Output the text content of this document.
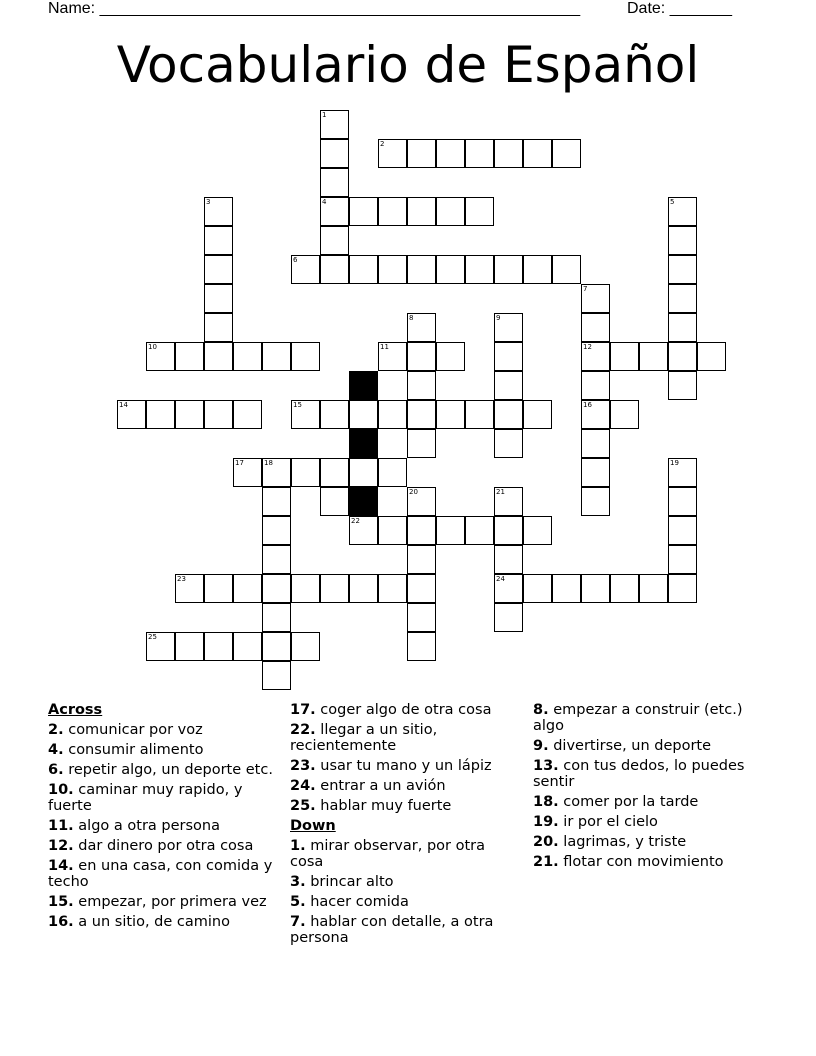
Name: ______________________________________________________	Date: _______
Vocabulario de Español
1
2
3	4	5
6
7
8	9
10	11	12
14	15	16
17	18	19
20	21
22
23	24
25
Across
2. comunicar por voz
4. consumir alimento
6. repetir algo, un deporte etc.
10. caminar muy rapido, y fuerte
11. algo a otra persona
12. dar dinero por otra cosa
14. en una casa, con comida y techo
15. empezar, por primera vez
16. a un sitio, de camino
17. coger algo de otra cosa
22. llegar a un sitio, recientemente
23. usar tu mano y un lápiz
24. entrar a un avión
25. hablar muy fuerte
Down
1. mirar observar, por otra cosa
3. brincar alto
5. hacer comida
7. hablar con detalle, a otra persona
8. empezar a construir (etc.) algo
9. divertirse, un deporte
13. con tus dedos, lo puedes sentir
18. comer por la tarde
19. ir por el cielo
20. lagrimas, y triste
21. flotar con movimiento
